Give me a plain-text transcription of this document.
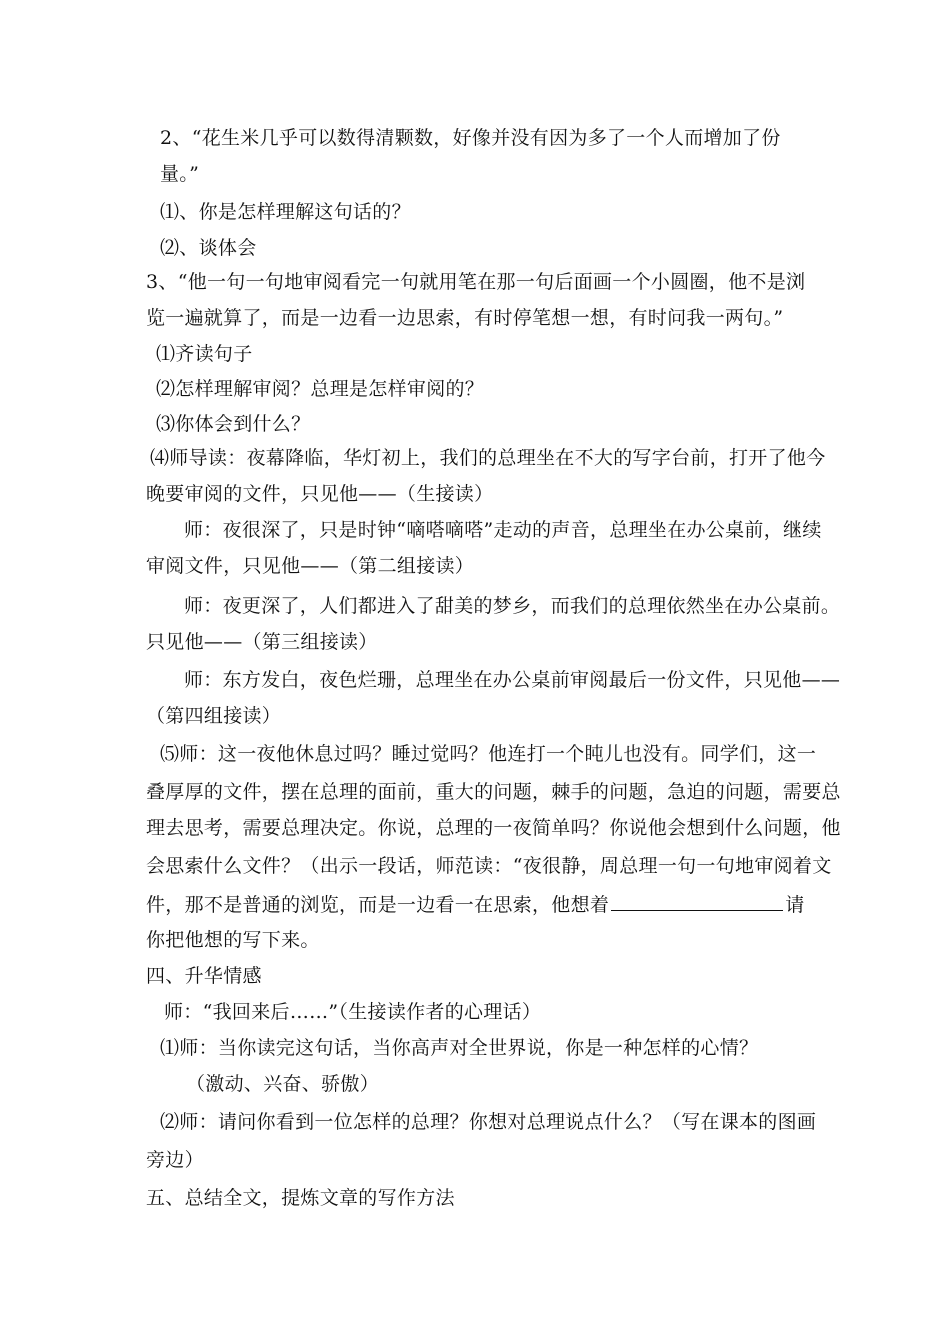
2、“花生米几乎可以数得清颗数，好像并没有因为多了一个人而增加了份
量。”
⑴、你是怎样理解这句话的？
⑵、谈体会
3、“他一句一句地审阅看完一句就用笔在那一句后面画一个小圆圈，他不是浏
览一遍就算了，而是一边看一边思索，有时停笔想一想，有时问我一两句。”
⑴齐读句子
⑵怎样理解审阅？总理是怎样审阅的？
⑶你体会到什么？
⑷师导读：夜幕降临，华灯初上，我们的总理坐在不大的写字台前，打开了他今
晚要审阅的文件，只见他——（生接读）
师：夜很深了，只是时钟“嘀嗒嘀嗒”走动的声音，总理坐在办公桌前，继续
审阅文件，只见他——（第二组接读）
师：夜更深了，人们都进入了甜美的梦乡，而我们的总理依然坐在办公桌前。
只见他——（第三组接读）
师：东方发白，夜色烂珊，总理坐在办公桌前审阅最后一份文件，只见他——
（第四组接读）
⑸师：这一夜他休息过吗？睡过觉吗？他连打一个盹儿也没有。同学们，这一
叠厚厚的文件，摆在总理的面前，重大的问题，棘手的问题，急迫的问题，需要总
理去思考，需要总理决定。你说，总理的一夜简单吗？你说他会想到什么问题，他
会思索什么文件？（出示一段话，师范读：“夜很静，周总理一句一句地审阅着文
件，那不是普通的浏览，而是一边看一在思索，他想着	请
你把他想的写下来。
四、升华情感
师：“我回来后……”（生接读作者的心理话）
⑴师：当你读完这句话，当你高声对全世界说，你是一种怎样的心情？
（激动、兴奋、骄傲）
⑵师：请问你看到一位怎样的总理？你想对总理说点什么？（写在课本的图画
旁边）
五、总结全文，提炼文章的写作方法
